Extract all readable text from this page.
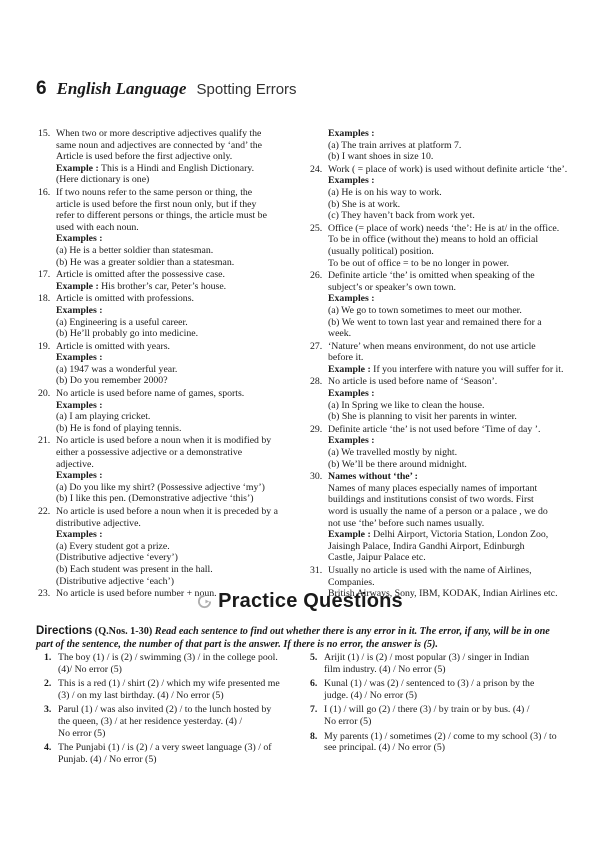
6 English Language Spotting Errors
15. When two or more descriptive adjectives qualify the
same noun and adjectives are connected by ‘and’ the
Article is used before the first adjective only.
Example : This is a Hindi and English Dictionary.
(Here dictionary is one)
16. If two nouns refer to the same person or thing, the
article is used before the first noun only, but if they
refer to different persons or things, the article must be
used with each noun.
Examples :
(a) He is a better soldier than statesman.
(b) He was a greater soldier than a statesman.
17. Article is omitted after the possessive case.
Example : His brother’s car, Peter’s house.
18. Article is omitted with professions.
Examples :
(a) Engineering is a useful career.
(b) He’ll probably go into medicine.
19. Article is omitted with years.
Examples :
(a) 1947 was a wonderful year.
(b) Do you remember 2000?
20. No article is used before name of games, sports.
Examples :
(a) I am playing cricket.
(b) He is fond of playing tennis.
21. No article is used before a noun when it is modified by
either a possessive adjective or a demonstrative
adjective.
Examples :
(a) Do you like my shirt? (Possessive adjective ‘my’)
(b) I like this pen. (Demonstrative adjective ‘this’)
22. No article is used before a noun when it is preceded by a
distributive adjective.
Examples :
(a) Every student got a prize.
(Distributive adjective ‘every’)
(b) Each student was present in the hall.
(Distributive adjective ‘each’)
23. No article is used before number + noun.
Examples :
(a) The train arrives at platform 7.
(b) I want shoes in size 10.
24. Work ( = place of work) is used without definite article ‘the’.
Examples :
(a) He is on his way to work.
(b) She is at work.
(c) They haven’t back from work yet.
25. Office (= place of work) needs ‘the’: He is at/ in the office.
To be in office (without the) means to hold an official
(usually political) position.
To be out of office = to be no longer in power.
26. Definite article ‘the’ is omitted when speaking of the
subject’s or speaker’s own town.
Examples :
(a) We go to town sometimes to meet our mother.
(b) We went to town last year and remained there for a
week.
27. ‘Nature’ when means environment, do not use article
before it.
Example : If you interfere with nature you will suffer for it.
28. No article is used before name of ‘Season’.
Examples :
(a) In Spring we like to clean the house.
(b) She is planning to visit her parents in winter.
29. Definite article ‘the’ is not used before ‘Time of day ’.
Examples :
(a) We travelled mostly by night.
(b) We’ll be there around midnight.
30. Names without ‘the’ :
Names of many places especially names of important
buildings and institutions consist of two words. First
word is usually the name of a person or a palace , we do
not use ‘the’ before such names usually.
Example : Delhi Airport, Victoria Station, London Zoo,
Jaisingh Palace, Indira Gandhi Airport, Edinburgh
Castle, Jaipur Palace etc.
31. Usually no article is used with the name of Airlines,
Companies.
British Airways, Sony, IBM, KODAK, Indian Airlines etc.
Practice Questions
Directions (Q.Nos. 1-30) Read each sentence to find out whether there is any error in it. The error, if any, will be in one part of the sentence, the number of that part is the answer. If there is no error, the answer is (5).
1. The boy (1) / is (2) / swimming (3) / in the college pool.
(4)/ No error (5)
2. This is a red (1) / shirt (2) / which my wife presented me
(3) / on my last birthday. (4) / No error (5)
3. Parul (1) / was also invited (2) / to the lunch hosted by
the queen, (3) / at her residence yesterday. (4) /
No error (5)
4. The Punjabi (1) / is (2) / a very sweet language (3) / of
Punjab. (4) / No error (5)
5. Arijit (1) / is (2) / most popular (3) / singer in Indian
film industry. (4) / No error (5)
6. Kunal (1) / was (2) / sentenced to (3) / a prison by the
judge. (4) / No error (5)
7. I (1) / will go (2) / there (3) / by train or by bus. (4) /
No error (5)
8. My parents (1) / sometimes (2) / come to my school (3) / to
see principal. (4) / No error (5)
